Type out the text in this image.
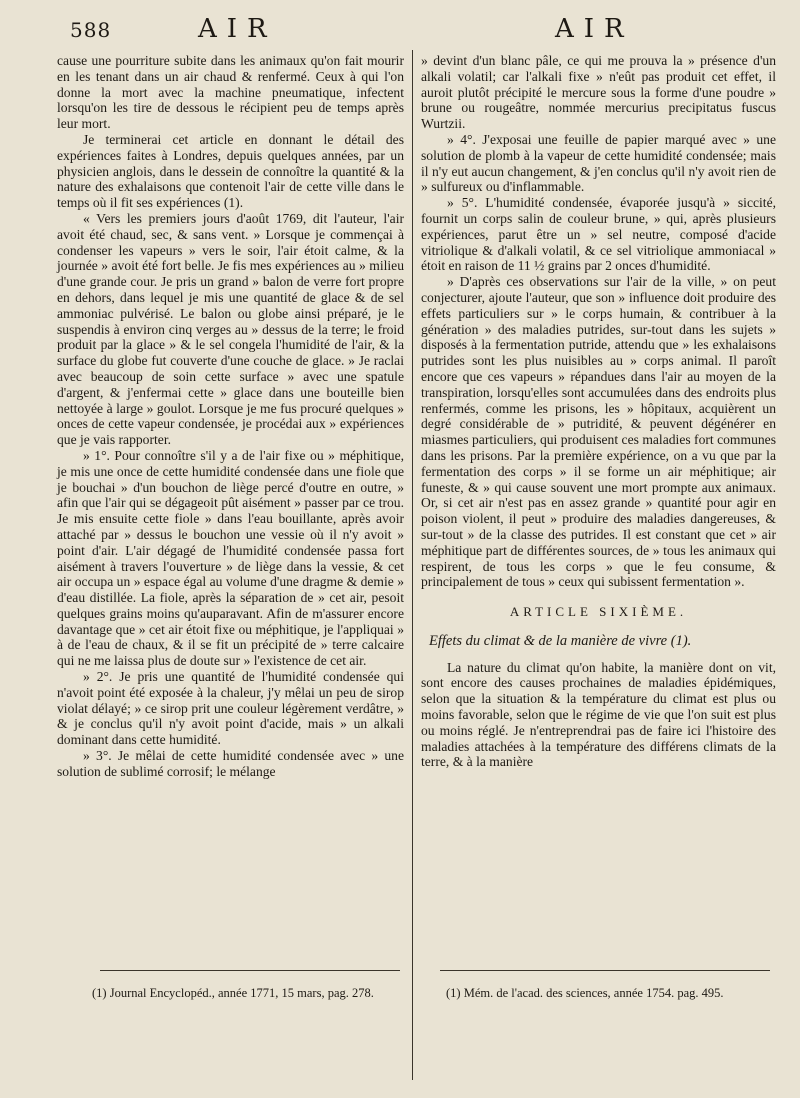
588	AIR	AIR

cause une pourriture subite dans les animaux qu'on fait mourir en les tenant dans un air chaud & renfermé. Ceux à qui l'on donne la mort avec la machine pneumatique, infectent lorsqu'on les tire de dessous le récipient peu de temps après leur mort.

Je terminerai cet article en donnant le détail des expériences faites à Londres, depuis quelques années, par un physicien anglois, dans le dessein de connoître la quantité & la nature des exhalaisons que contenoit l'air de cette ville dans le temps où il fit ses expériences (1).

« Vers les premiers jours d'août 1769, dit l'auteur, l'air avoit été chaud, sec, & sans vent. » Lorsque je commençai à condenser les vapeurs » vers le soir, l'air étoit calme, & la journée » avoit été fort belle. Je fis mes expériences au » milieu d'une grande cour. Je pris un grand » balon de verre fort propre en dehors, dans lequel je mis une quantité de glace & de sel ammoniac pulvérisé. Le balon ou globe ainsi préparé, je le suspendis à environ cinq verges au » dessus de la terre; le froid produit par la glace » & le sel congela l'humidité de l'air, & la surface du globe fut couverte d'une couche de glace. » Je raclai avec beaucoup de soin cette surface » avec une spatule d'argent, & j'enfermai cette » glace dans une bouteille bien nettoyée à large » goulot. Lorsque je me fus procuré quelques » onces de cette vapeur condensée, je procédai aux » expériences que je vais rapporter.

» 1°. Pour connoître s'il y a de l'air fixe ou » méphitique, je mis une once de cette humidité condensée dans une fiole que je bouchai » d'un bouchon de liège percé d'outre en outre, » afin que l'air qui se dégageoit pût aisément » passer par ce trou. Je mis ensuite cette fiole » dans l'eau bouillante, après avoir attaché par » dessus le bouchon une vessie où il n'y avoit » point d'air. L'air dégagé de l'humidité condensée passa fort aisément à travers l'ouverture » de liège dans la vessie, & cet air occupa un » espace égal au volume d'une dragme & demie » d'eau distillée. La fiole, après la séparation de » cet air, pesoit quelques grains moins qu'auparavant. Afin de m'assurer encore davantage que » cet air étoit fixe ou méphitique, je l'appliquai » à de l'eau de chaux, & il se fit un précipité de » terre calcaire qui ne me laissa plus de doute sur » l'existence de cet air.

» 2°. Je pris une quantité de l'humidité condensée qui n'avoit point été exposée à la chaleur, j'y mêlai un peu de sirop violat délayé; » ce sirop prit une couleur légèrement verdâtre, » & je conclus qu'il n'y avoit point d'acide, mais » un alkali dominant dans cette humidité.

» 3°. Je mêlai de cette humidité condensée avec » une solution de sublimé corrosif; le mélange

» devint d'un blanc pâle, ce qui me prouva la » présence d'un alkali volatil; car l'alkali fixe » n'eût pas produit cet effet, il auroit plutôt précipité le mercure sous la forme d'une poudre » brune ou rougeâtre, nommée mercurius precipitatus fuscus Wurtzii.

» 4°. J'exposai une feuille de papier marqué avec » une solution de plomb à la vapeur de cette humidité condensée; mais il n'y eut aucun changement, & j'en conclus qu'il n'y avoit rien de » sulfureux ou d'inflammable.

» 5°. L'humidité condensée, évaporée jusqu'à » siccité, fournit un corps salin de couleur brune, » qui, après plusieurs expériences, parut être un » sel neutre, composé d'acide vitriolique & d'alkali volatil, & ce sel vitriolique ammoniacal » étoit en raison de 11 ½ grains par 2 onces d'humidité.

» D'après ces observations sur l'air de la ville, » on peut conjecturer, ajoute l'auteur, que son » influence doit produire des effets particuliers sur » le corps humain, & contribuer à la génération » des maladies putrides, sur-tout dans les sujets » disposés à la fermentation putride, attendu que » les exhalaisons putrides sont les plus nuisibles au » corps animal. Il paroît encore que ces vapeurs » répandues dans l'air au moyen de la transpiration, lorsqu'elles sont accumulées dans des endroits plus renfermés, comme les prisons, les » hôpitaux, acquièrent un degré considérable de » putridité, & peuvent dégénérer en miasmes particuliers, qui produisent ces maladies fort communes dans les prisons. Par la première expérience, on a vu que par la fermentation des corps » il se forme un air méphitique; air funeste, & » qui cause souvent une mort prompte aux animaux. Or, si cet air n'est pas en assez grande » quantité pour agir en poison violent, il peut » produire des maladies dangereuses, & sur-tout » de la classe des putrides. Il est constant que cet » air méphitique part de différentes sources, de » tous les animaux qui respirent, de tous les corps » que le feu consume, & principalement de tous » ceux qui subissent fermentation ».

ARTICLE SIXIÈME.

Effets du climat & de la manière de vivre (1).

La nature du climat qu'on habite, la manière dont on vit, sont encore des causes prochaines de maladies épidémiques, selon que la situation & la température du climat est plus ou moins favorable, selon que le régime de vie que l'on suit est plus ou moins réglé. Je n'entreprendrai pas de faire ici l'histoire des maladies attachées à la température des différens climats de la terre, & à la manière

(1) Journal Encyclopéd., année 1771, 15 mars, pag. 278.	(1) Mém. de l'acad. des sciences, année 1754. pag. 495.
